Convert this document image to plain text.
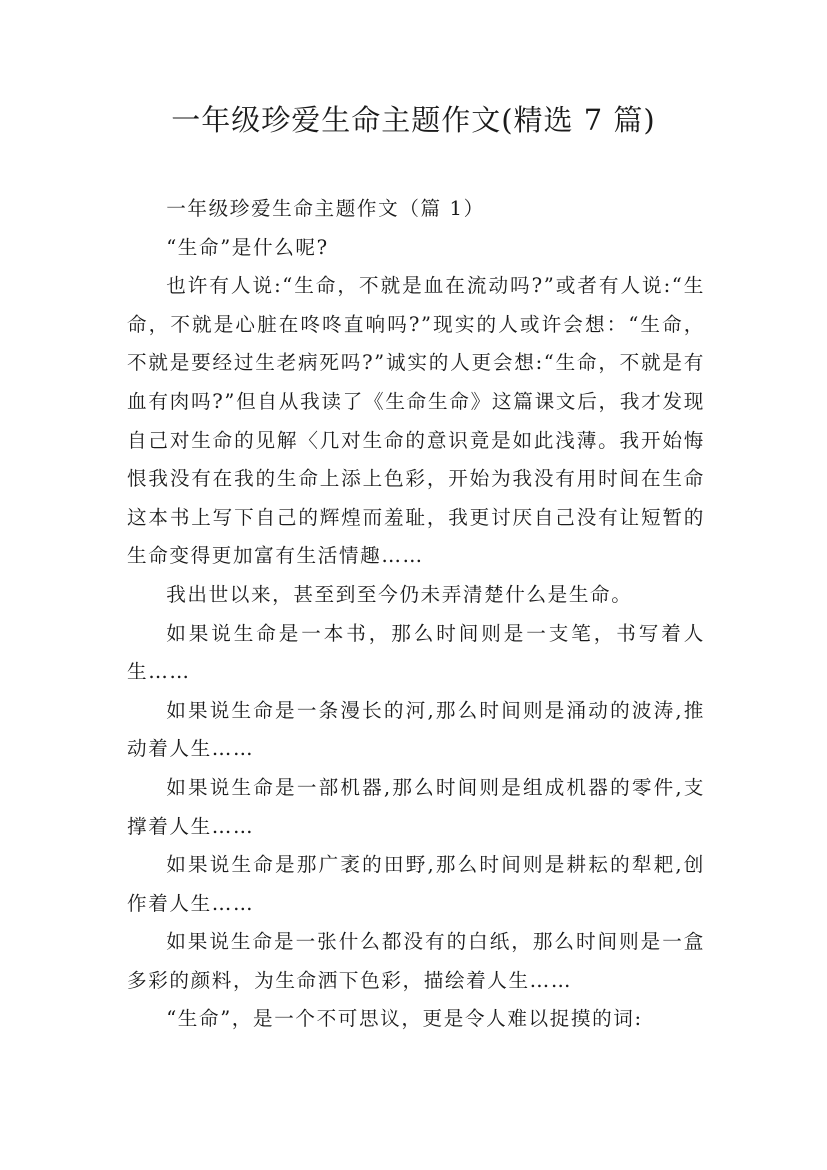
一年级珍爱生命主题作文(精选 7 篇)

一年级珍爱生命主题作文（篇 1）

“生命”是什么呢?

也许有人说:“生命，不就是血在流动吗?”或者有人说:“生命，不就是心脏在咚咚直响吗?”现实的人或许会想：“生命，不就是要经过生老病死吗?”诚实的人更会想:“生命，不就是有血有肉吗?”但自从我读了《生命生命》这篇课文后，我才发现自己对生命的见解〈几对生命的意识竟是如此浅薄。我开始悔恨我没有在我的生命上添上色彩，开始为我没有用时间在生命这本书上写下自己的辉煌而羞耻，我更讨厌自己没有让短暂的生命变得更加富有生活情趣……

我出世以来，甚至到至今仍未弄清楚什么是生命。

如果说生命是一本书，那么时间则是一支笔，书写着人生……

如果说生命是一条漫长的河,那么时间则是涌动的波涛,推动着人生……

如果说生命是一部机器,那么时间则是组成机器的零件,支撑着人生……

如果说生命是那广袤的田野,那么时间则是耕耘的犁耙,创作着人生……

如果说生命是一张什么都没有的白纸，那么时间则是一盒多彩的颜料，为生命洒下色彩，描绘着人生……

“生命”，是一个不可思议，更是令人难以捉摸的词:
